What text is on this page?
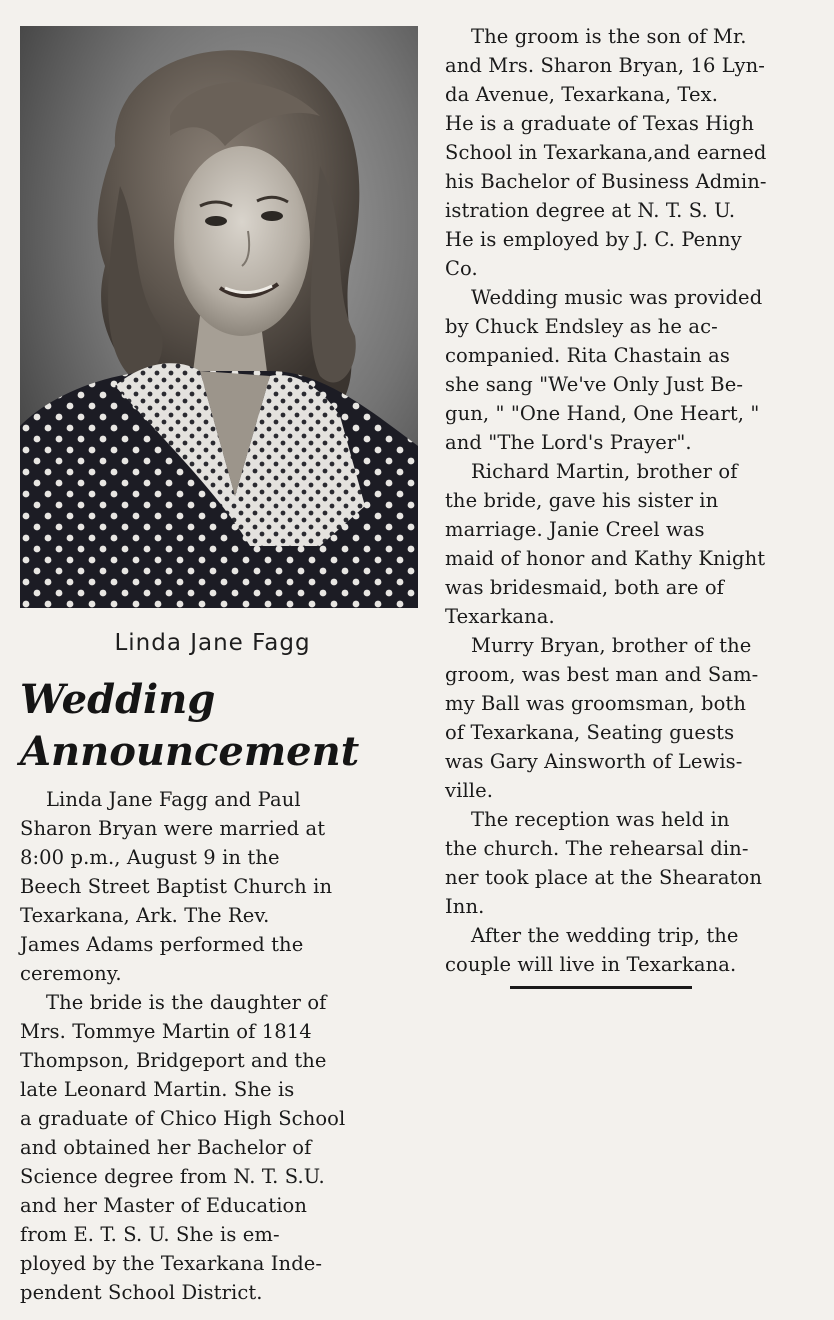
Linda Jane Fagg
Wedding
Announcement

Linda Jane Fagg and Paul
Sharon Bryan were married at
8:00 p.m., August 9 in the
Beech Street Baptist Church in
Texarkana, Ark. The Rev.
James Adams performed the
ceremony.

The bride is the daughter of
Mrs. Tommye Martin of 1814
Thompson, Bridgeport and the
late Leonard Martin. She is
a graduate of Chico High School
and obtained her Bachelor of
Science degree from N. T. S.U.
and her Master of Education
from E. T. S. U. She is em-
ployed by the Texarkana Inde-
pendent School District.

The groom is the son of Mr.
and Mrs. Sharon Bryan, 16 Lyn-
da Avenue, Texarkana, Tex.
He is a graduate of Texas High
School in Texarkana,and earned
his Bachelor of Business Admin-
istration degree at N. T. S. U.
He is employed by J. C. Penny
Co.

Wedding music was provided
by Chuck Endsley as he ac-
companied. Rita Chastain as
she sang "We've Only Just Be-
gun, " "One Hand, One Heart, "
and "The Lord's Prayer".

Richard Martin, brother of
the bride, gave his sister in
marriage. Janie Creel was
maid of honor and Kathy Knight
was bridesmaid, both are of
Texarkana.

Murry Bryan, brother of the
groom, was best man and Sam-
my Ball was groomsman, both
of Texarkana, Seating guests
was Gary Ainsworth of Lewis-
ville.

The reception was held in
the church. The rehearsal din-
ner took place at the Shearaton
Inn.

After the wedding trip, the
couple will live in Texarkana.
